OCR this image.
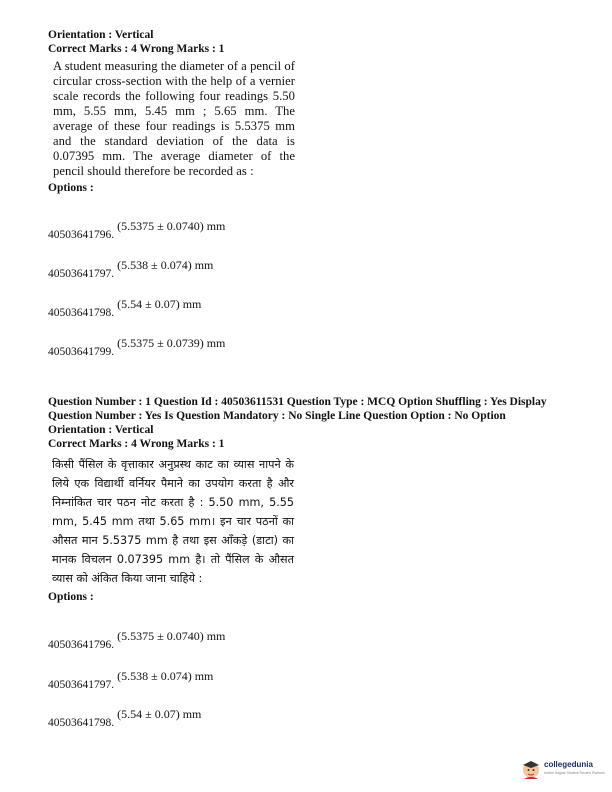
Orientation : Vertical

Correct Marks : 4 Wrong Marks : 1

A student measuring the diameter of a pencil of circular cross-section with the help of a vernier scale records the following four readings 5.50 mm, 5.55 mm, 5.45 mm ; 5.65 mm. The average of these four readings is 5.5375 mm and the standard deviation of the data is 0.07395 mm. The average diameter of the pencil should therefore be recorded as :

Options :

40503641796.(5.5375 ± 0.0740) mm
40503641797.(5.538 ± 0.074) mm
40503641798.(5.54 ± 0.07) mm
40503641799.(5.5375 ± 0.0739) mm

Question Number : 1 Question Id : 40503611531 Question Type : MCQ Option Shuffling : Yes Display

Question Number : Yes Is Question Mandatory : No Single Line Question Option : No Option

Orientation : Vertical

Correct Marks : 4 Wrong Marks : 1

किसी पैंसिल के वृत्ताकार अनुप्रस्थ काट का व्यास नापने के लिये एक विद्यार्थी वर्नियर पैमाने का उपयोग करता है और निम्नांकित चार पठन नोट करता है : 5.50 mm, 5.55 mm, 5.45 mm तथा 5.65 mm। इन चार पठनों का औसत मान 5.5375 mm है तथा इस आँकड़े (डाटा) का मानक विचलन 0.07395 mm है। तो पैंसिल के औसत व्यास को अंकित किया जाना चाहिये :

Options :

40503641796.(5.5375 ± 0.0740) mm
40503641797.(5.538 ± 0.074) mm
40503641798.(5.54 ± 0.07) mm
collegedunia
India's largest Student Review Platform
